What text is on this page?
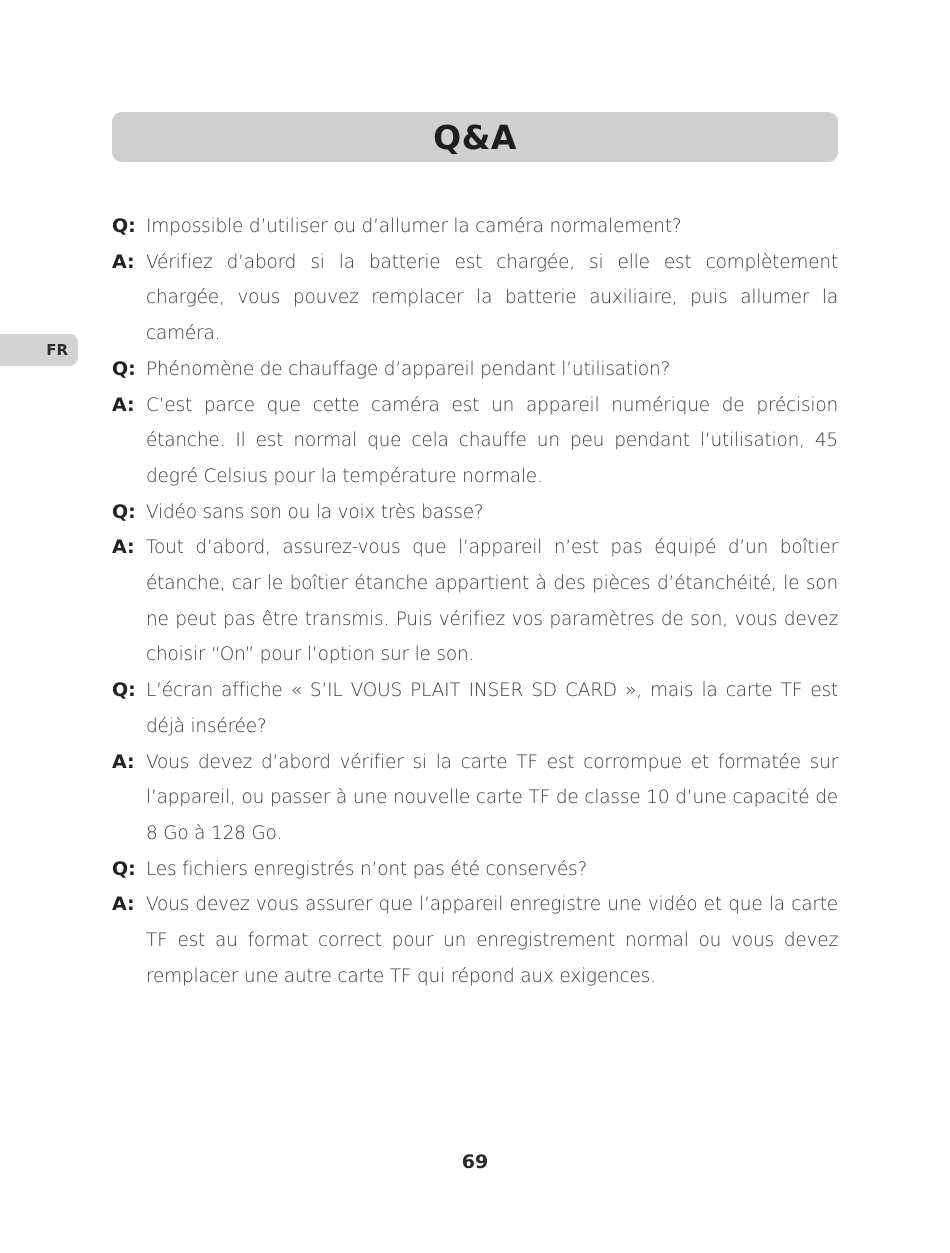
Q&A
FR
Q: Impossible d’utiliser ou d’allumer la caméra normalement?
A: Vérifiez d’abord si la batterie est chargée, si elle est complètement chargée, vous pouvez remplacer la batterie auxiliaire, puis allumer la caméra.
Q: Phénomène de chauffage d’appareil pendant l’utilisation?
A: C’est parce que cette caméra est un appareil numérique de précision étanche. Il est normal que cela chauffe un peu pendant l’utilisation, 45 degré Celsius pour la température normale.
Q: Vidéo sans son ou la voix très basse?
A: Tout d’abord, assurez-vous que l’appareil n’est pas équipé d’un boîtier étanche, car le boîtier étanche appartient à des pièces d’étanchéité, le son ne peut pas être transmis. Puis vérifiez vos paramètres de son, vous devez choisir “On” pour l’option sur le son.
Q: L’écran affiche « S’IL VOUS PLAIT INSER SD CARD », mais la carte TF est déjà insérée?
A: Vous devez d’abord vérifier si la carte TF est corrompue et formatée sur l’appareil, ou passer à une nouvelle carte TF de classe 10 d’une capacité de 8 Go à 128 Go.
Q: Les fichiers enregistrés n’ont pas été conservés?
A: Vous devez vous assurer que l’appareil enregistre une vidéo et que la carte TF est au format correct pour un enregistrement normal ou vous devez remplacer une autre carte TF qui répond aux exigences.
69
